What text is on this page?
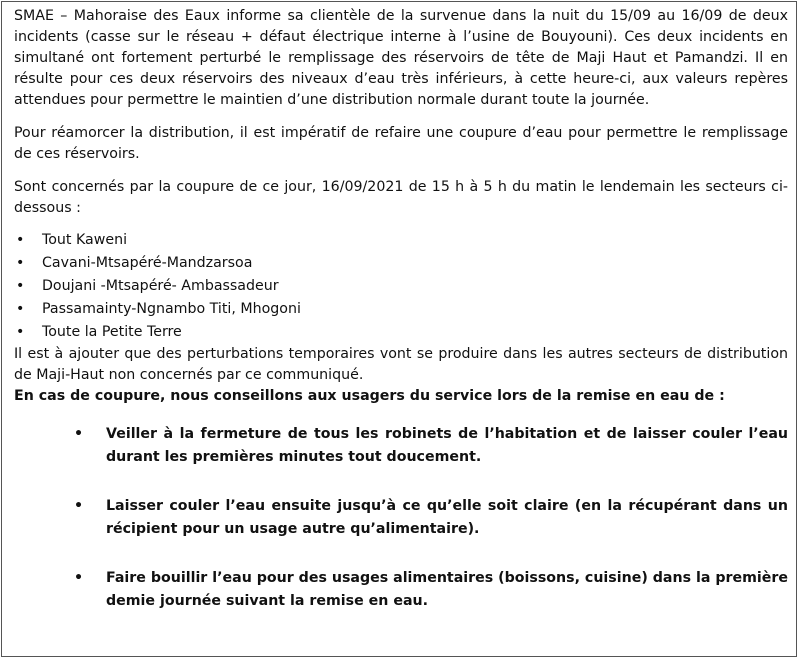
SMAE – Mahoraise des Eaux informe sa clientèle de la survenue dans la nuit du 15/09 au 16/09 de deux incidents (casse sur le réseau + défaut électrique interne à l’usine de Bouyouni). Ces deux incidents en simultané ont fortement perturbé le remplissage des réservoirs de tête de Maji Haut et Pamandzi. Il en résulte pour ces deux réservoirs des niveaux d’eau très inférieurs, à cette heure-ci, aux valeurs repères attendues pour permettre le maintien d’une distribution normale durant toute la journée.

Pour réamorcer la distribution, il est impératif de refaire une coupure d’eau pour permettre le remplissage de ces réservoirs.

Sont concernés par la coupure de ce jour, 16/09/2021 de 15 h à 5 h du matin le lendemain les secteurs ci-dessous :

•	Tout Kaweni
•	Cavani-Mtsapéré-Mandzarsoa
•	Doujani -Mtsapéré- Ambassadeur
•	Passamainty-Ngnambo Titi, Mhogoni
•	Toute la Petite Terre

Il est à ajouter que des perturbations temporaires vont se produire dans les autres secteurs de distribution de Maji-Haut non concernés par ce communiqué.

En cas de coupure, nous conseillons aux usagers du service lors de la remise en eau de :

•	Veiller à la fermeture de tous les robinets de l’habitation et de laisser couler l’eau durant les premières minutes tout doucement.
•	Laisser couler l’eau ensuite jusqu’à ce qu’elle soit claire (en la récupérant dans un récipient pour un usage autre qu’alimentaire).
•	Faire bouillir l’eau pour des usages alimentaires (boissons, cuisine) dans la première demie journée suivant la remise en eau.
